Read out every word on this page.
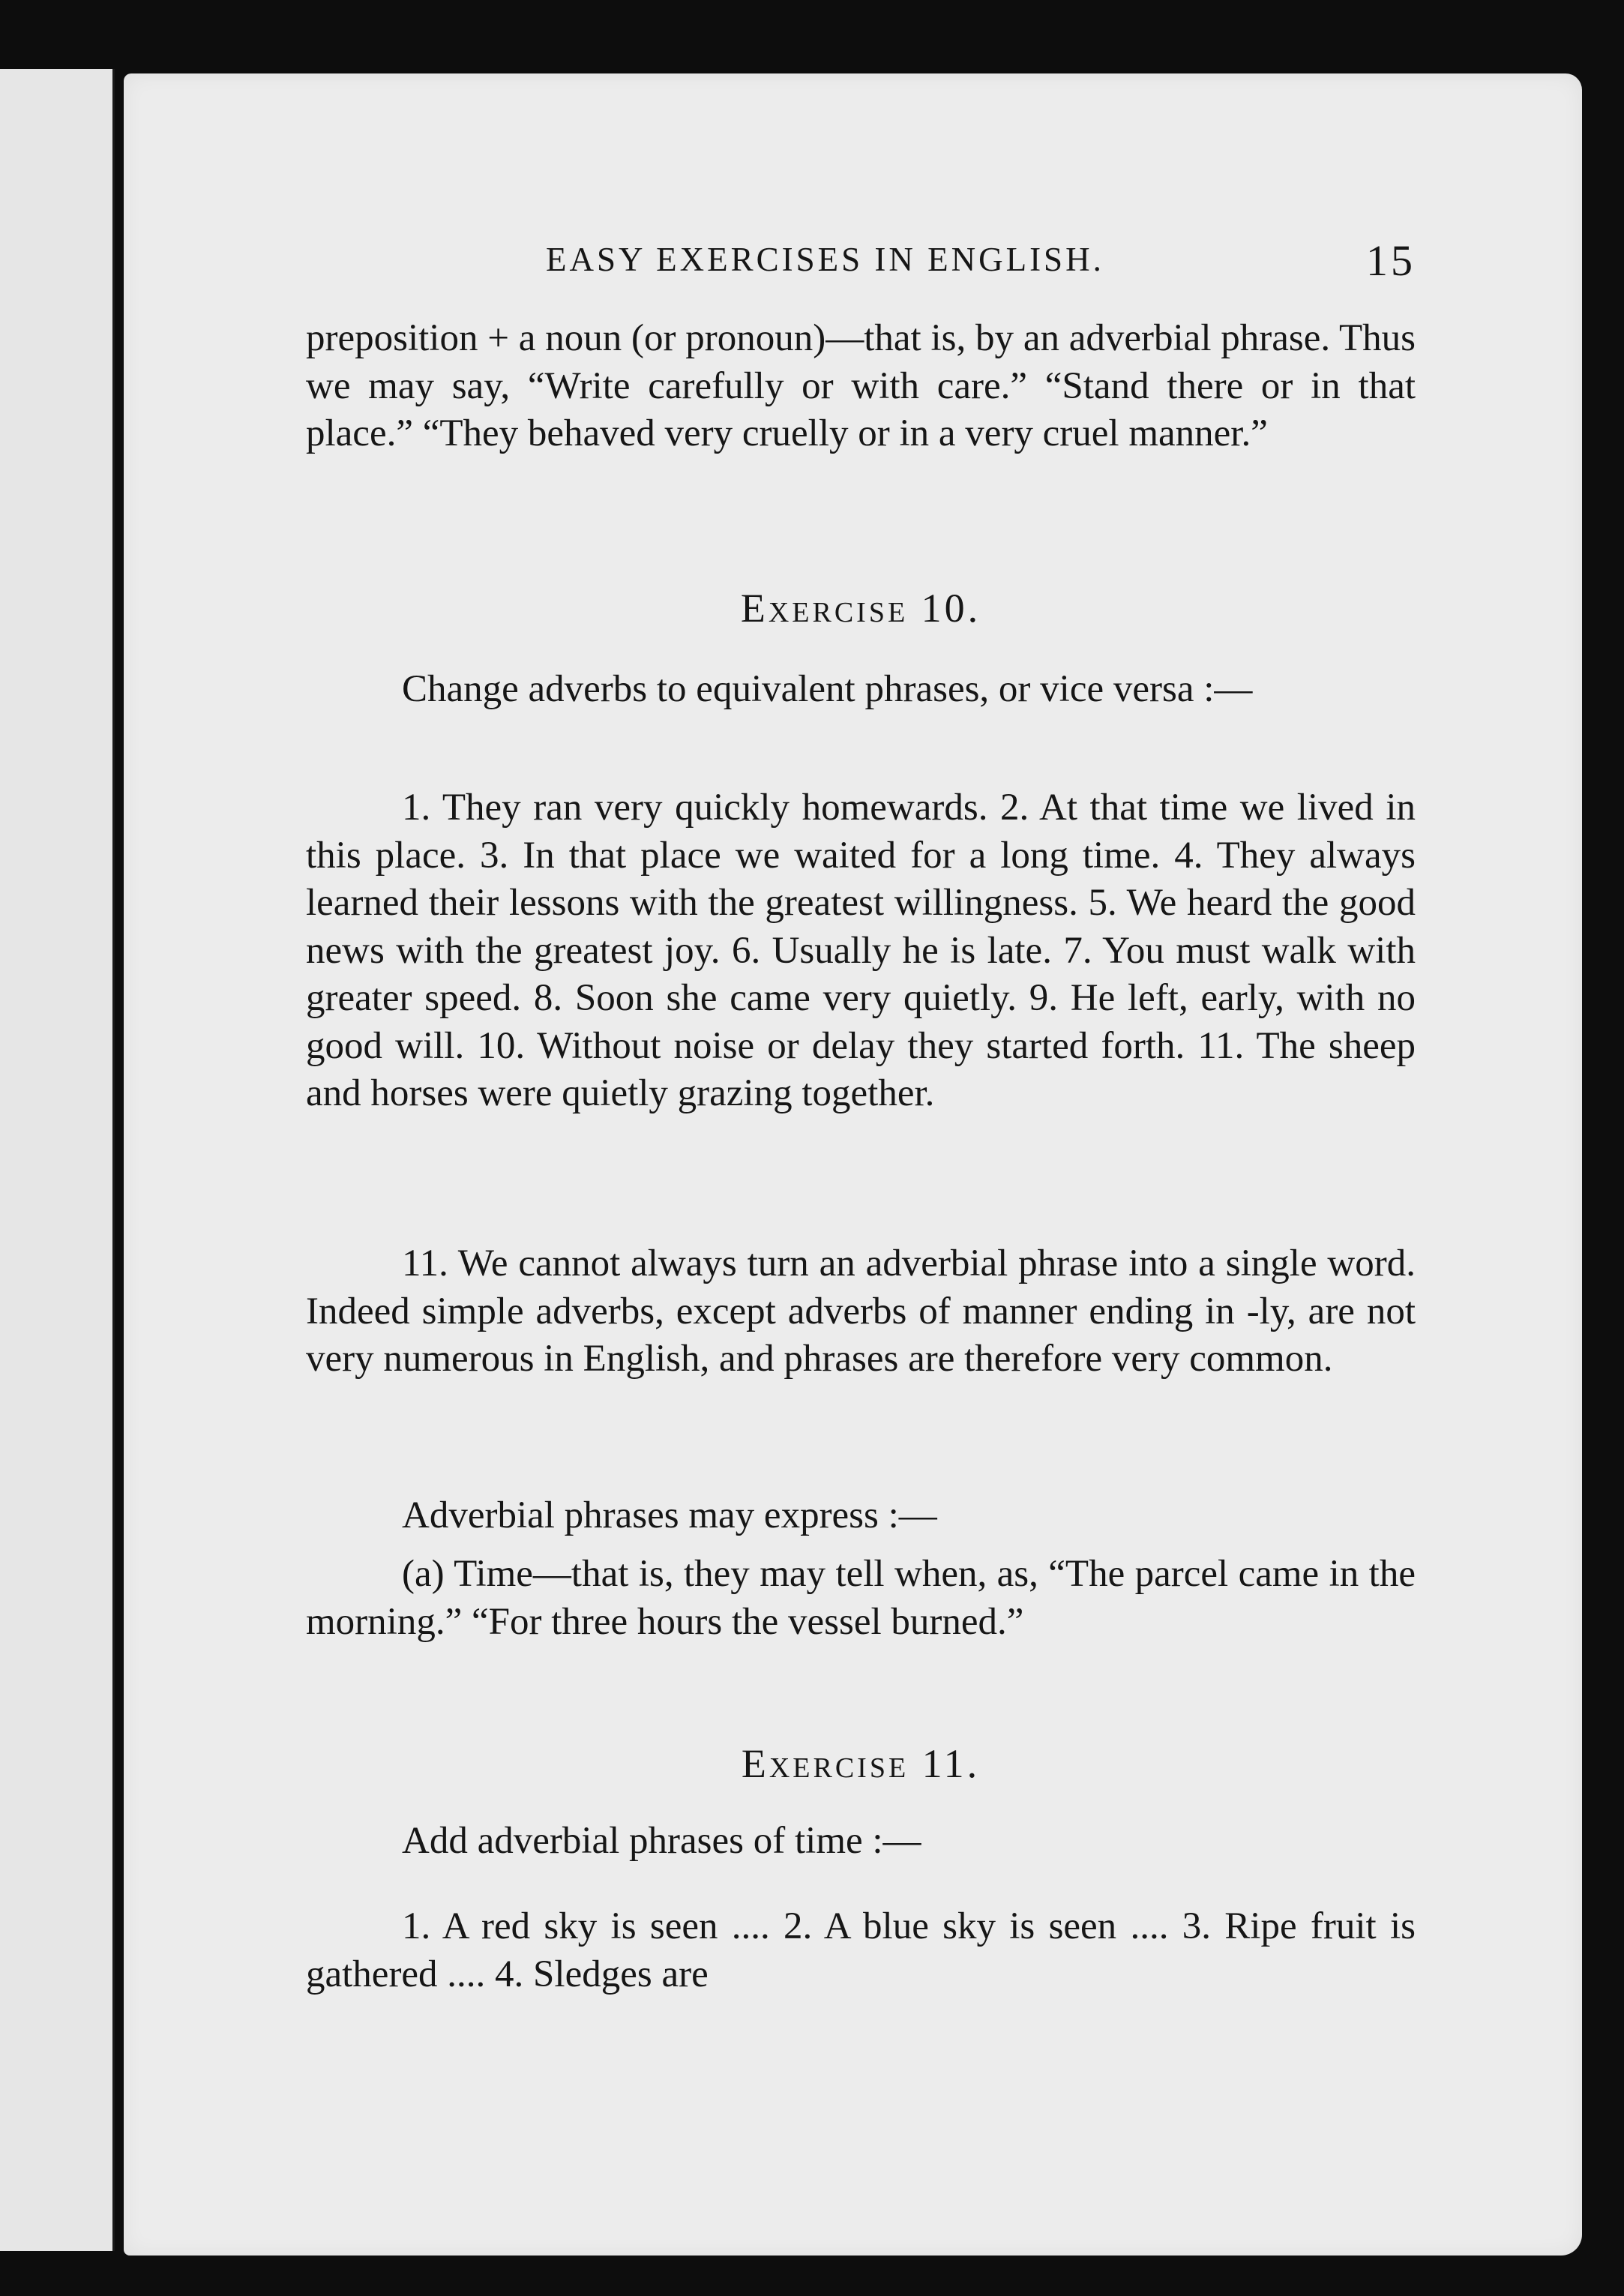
EASY EXERCISES IN ENGLISH.	15

preposition + a noun (or pronoun)—that is, by an adverbial phrase. Thus we may say, “Write carefully or with care.” “Stand there or in that place.” “They behaved very cruelly or in a very cruel manner.”

Exercise 10.

Change adverbs to equivalent phrases, or vice versa :—

1. They ran very quickly homewards. 2. At that time we lived in this place. 3. In that place we waited for a long time. 4. They always learned their lessons with the greatest willingness. 5. We heard the good news with the greatest joy. 6. Usually he is late. 7. You must walk with greater speed. 8. Soon she came very quietly. 9. He left, early, with no good will. 10. Without noise or delay they started forth. 11. The sheep and horses were quietly grazing together.

11. We cannot always turn an adverbial phrase into a single word. Indeed simple adverbs, except adverbs of manner ending in -ly, are not very numerous in English, and phrases are therefore very common.

Adverbial phrases may express :—

(a) Time—that is, they may tell when, as, “The parcel came in the morning.” “For three hours the vessel burned.”

Exercise 11.

Add adverbial phrases of time :—

1. A red sky is seen .... 2. A blue sky is seen .... 3. Ripe fruit is gathered .... 4. Sledges are
